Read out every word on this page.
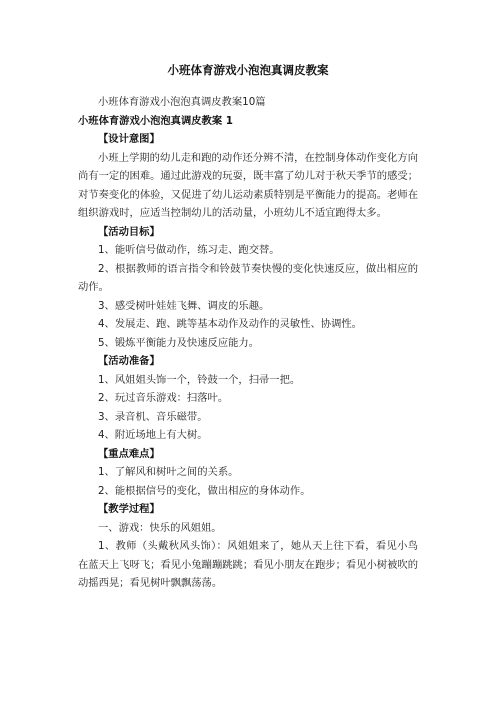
小班体育游戏小泡泡真调皮教案

小班体育游戏小泡泡真调皮教案10篇

小班体育游戏小泡泡真调皮教案 1

【设计意图】

小班上学期的幼儿走和跑的动作还分辨不清，在控制身体动作变化方向尚有一定的困难。通过此游戏的玩耍，既丰富了幼儿对于秋天季节的感受；对节奏变化的体验，又促进了幼儿运动素质特别是平衡能力的提高。老师在组织游戏时，应适当控制幼儿的活动量，小班幼儿不适宜跑得太多。

【活动目标】

1、能听信号做动作，练习走、跑交替。

2、根据教师的语言指令和铃鼓节奏快慢的变化快速反应，做出相应的动作。

3、感受树叶娃娃飞舞、调皮的乐趣。

4、发展走、跑、跳等基本动作及动作的灵敏性、协调性。

5、锻炼平衡能力及快速反应能力。

【活动准备】

1、风姐姐头饰一个，铃鼓一个，扫帚一把。

2、玩过音乐游戏：扫落叶。

3、录音机、音乐磁带。

4、附近场地上有大树。

【重点难点】

1、了解风和树叶之间的关系。

2、能根据信号的变化，做出相应的身体动作。

【教学过程】

一、游戏：快乐的风姐姐。

1、教师（头戴秋风头饰）：风姐姐来了，她从天上往下看，看见小鸟在蓝天上飞呀飞；看见小兔蹦蹦跳跳；看见小朋友在跑步；看见小树被吹的动摇西晃；看见树叶飘飘荡荡。
